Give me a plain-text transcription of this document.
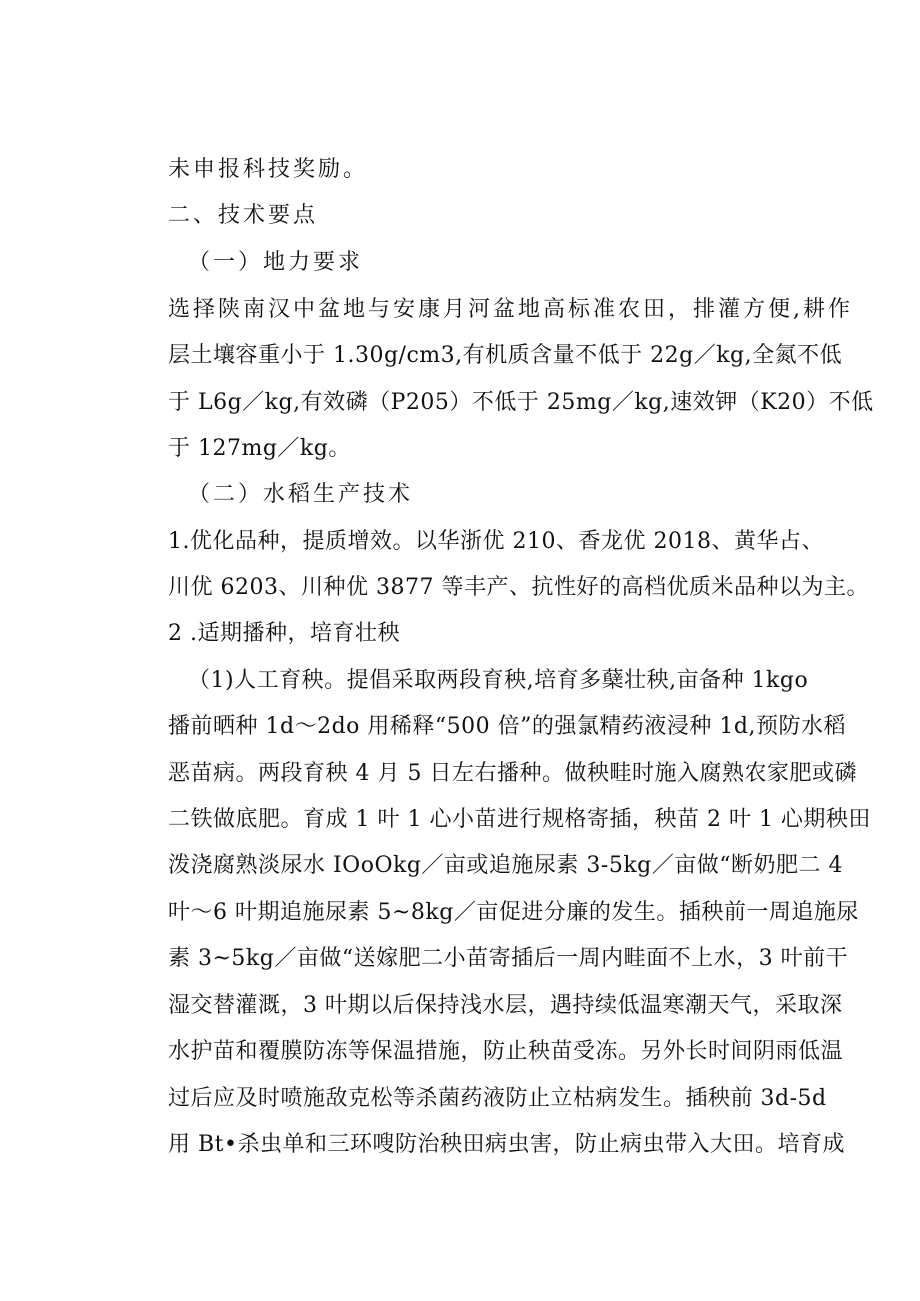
未申报科技奖励。

二、技术要点

（一）地力要求

选择陕南汉中盆地与安康月河盆地高标准农田，排灌方便,耕作

层土壤容重小于 1.30g/cm3,有机质含量不低于 22g／kg,全氮不低

于 L6g／kg,有效磷（P205）不低于 25mg／kg,速效钾（K20）不低

于 127mg／kg。

（二）水稻生产技术

1.优化品种，提质增效。以华浙优 210、香龙优 2018、黄华占、

川优 6203、川种优 3877 等丰产、抗性好的高档优质米品种以为主。

2 .适期播种，培育壮秧

（1)人工育秧。提倡采取两段育秧,培育多蘖壮秧,亩备种 1kgo

播前晒种 1d～2do 用稀释“500 倍”的强氯精药液浸种 1d,预防水稻

恶苗病。两段育秧 4 月 5 日左右播种。做秧畦时施入腐熟农家肥或磷

二铁做底肥。育成 1 叶 1 心小苗进行规格寄插，秧苗 2 叶 1 心期秧田

泼浇腐熟淡尿水 IOoOkg／亩或追施尿素 3-5kg／亩做“断奶肥二 4

叶～6 叶期追施尿素 5~8kg／亩促进分廉的发生。插秧前一周追施尿

素 3~5kg／亩做“送嫁肥二小苗寄插后一周内畦面不上水，3 叶前干

湿交替灌溉，3 叶期以后保持浅水层，遇持续低温寒潮天气，采取深

水护苗和覆膜防冻等保温措施，防止秧苗受冻。另外长时间阴雨低温

过后应及时喷施敌克松等杀菌药液防止立枯病发生。插秧前 3d-5d

用 Bt•杀虫单和三环嗖防治秧田病虫害，防止病虫带入大田。培育成
